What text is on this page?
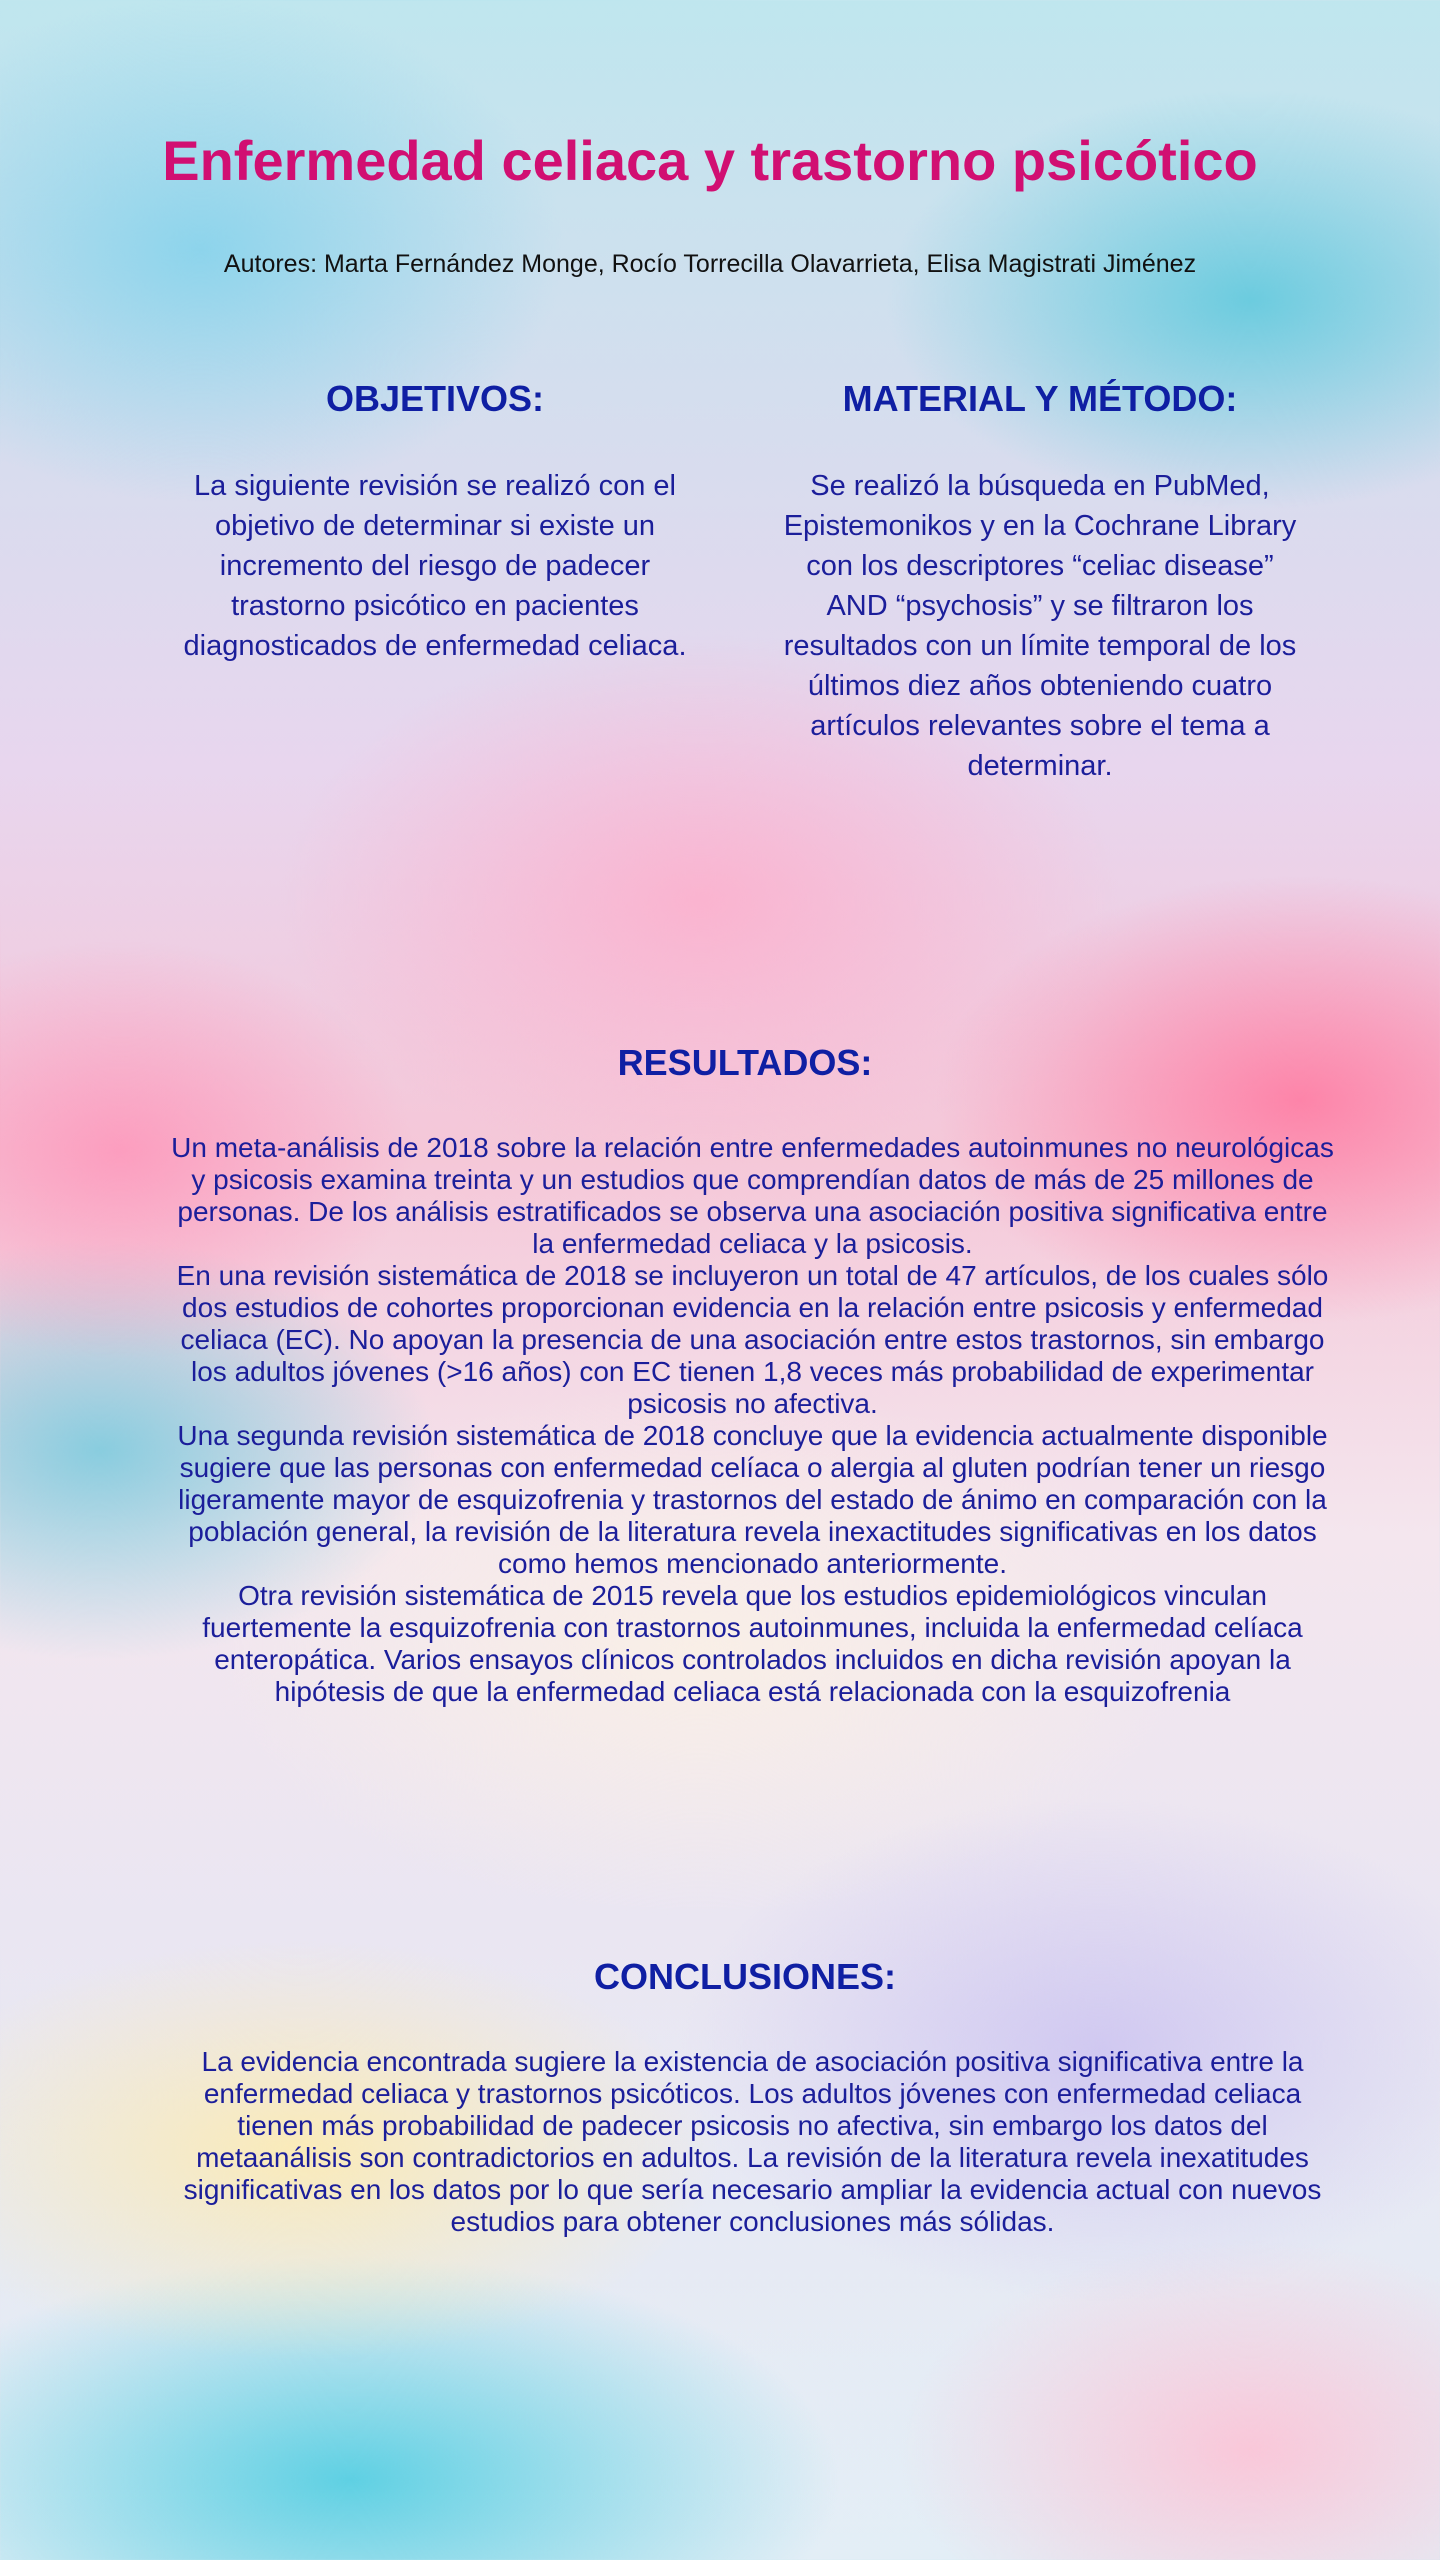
Enfermedad celiaca y trastorno psicótico

Autores: Marta Fernández Monge, Rocío Torrecilla Olavarrieta, Elisa Magistrati Jiménez

OBJETIVOS:

La siguiente revisión se realizó con el objetivo de determinar si existe un incremento del riesgo de padecer trastorno psicótico en pacientes diagnosticados de enfermedad celiaca.

MATERIAL Y MÉTODO:

Se realizó la búsqueda en PubMed, Epistemonikos y en la Cochrane Library con los descriptores “celiac disease” AND “psychosis” y se filtraron los resultados con un límite temporal de los últimos diez años obteniendo cuatro artículos relevantes sobre el tema a determinar.

RESULTADOS:

Un meta-análisis de 2018 sobre la relación entre enfermedades autoinmunes no neurológicas y psicosis examina treinta y un estudios que comprendían datos de más de 25 millones de personas. De los análisis estratificados se observa una asociación positiva significativa entre la enfermedad celiaca y la psicosis.

En una revisión sistemática de 2018 se incluyeron un total de 47 artículos, de los cuales sólo dos estudios de cohortes proporcionan evidencia en la relación entre psicosis y enfermedad celiaca (EC). No apoyan la presencia de una asociación entre estos trastornos, sin embargo los adultos jóvenes (>16 años) con EC tienen 1,8 veces más probabilidad de experimentar psicosis no afectiva.

Una segunda revisión sistemática de 2018 concluye que la evidencia actualmente disponible sugiere que las personas con enfermedad celíaca o alergia al gluten podrían tener un riesgo ligeramente mayor de esquizofrenia y trastornos del estado de ánimo en comparación con la población general, la revisión de la literatura revela inexactitudes significativas en los datos como hemos mencionado anteriormente.

Otra revisión sistemática de 2015 revela que los estudios epidemiológicos vinculan fuertemente la esquizofrenia con trastornos autoinmunes, incluida la enfermedad celíaca enteropática. Varios ensayos clínicos controlados incluidos en dicha revisión apoyan la hipótesis de que la enfermedad celiaca está relacionada con la esquizofrenia

CONCLUSIONES:

La evidencia encontrada sugiere la existencia de asociación positiva significativa entre la enfermedad celiaca y trastornos psicóticos. Los adultos jóvenes con enfermedad celiaca tienen más probabilidad de padecer psicosis no afectiva, sin embargo los datos del metaanálisis son contradictorios en adultos. La revisión de la literatura revela inexatitudes significativas en los datos por lo que sería necesario ampliar la evidencia actual con nuevos estudios para obtener conclusiones más sólidas.
